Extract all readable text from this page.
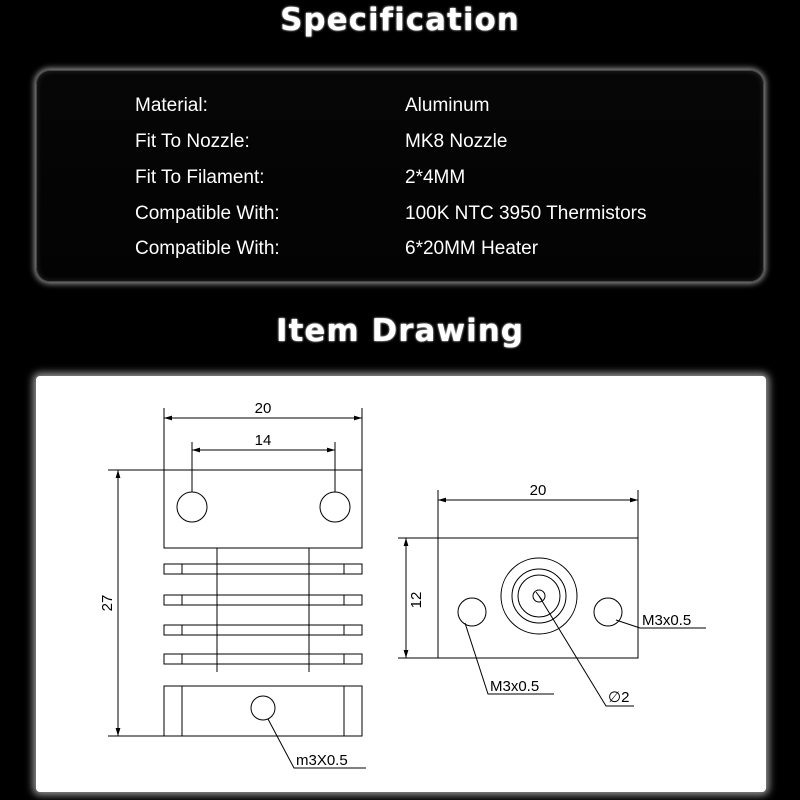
Specification
Material:	Aluminum
Fit To Nozzle:	MK8 Nozzle
Fit To Filament:	2*4MM
Compatible With:	100K NTC 3950 Thermistors
Compatible With:	6*20MM Heater
Item Drawing
20
14
27
m3X0.5
20
12
M3x0.5
M3x0.5
∅2
